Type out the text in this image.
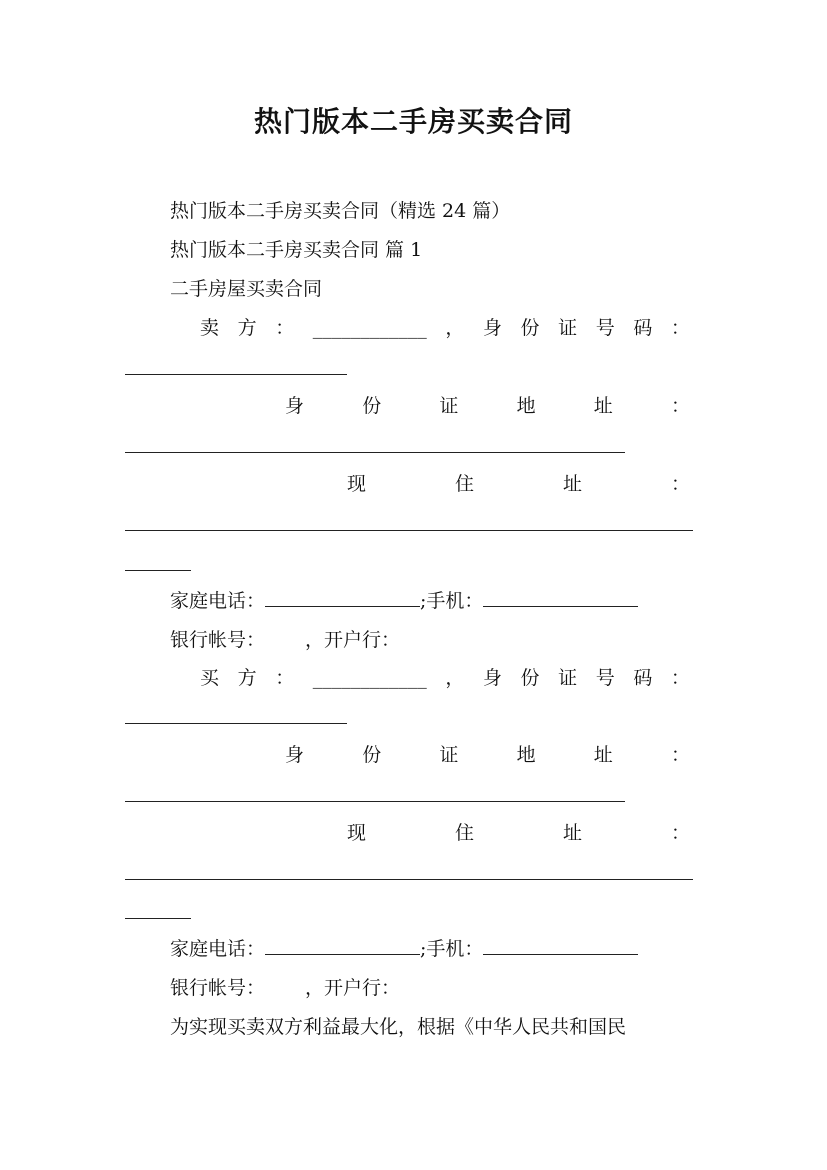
热门版本二手房买卖合同
热门版本二手房买卖合同（精选 24 篇）
热门版本二手房买卖合同 篇 1
二手房屋买卖合同
卖 方 ： ____________ ， 身 份 证 号 码 ：
身	份	证	地	址	：
现	住	址	：
家庭电话：	;手机：
银行帐号： ，开户行：
买 方 ： ____________ ， 身 份 证 号 码 ：
身	份	证	地	址	：
现	住	址	：
家庭电话：	;手机：
银行帐号： ，开户行：
为实现买卖双方利益最大化，根据《中华人民共和国民
